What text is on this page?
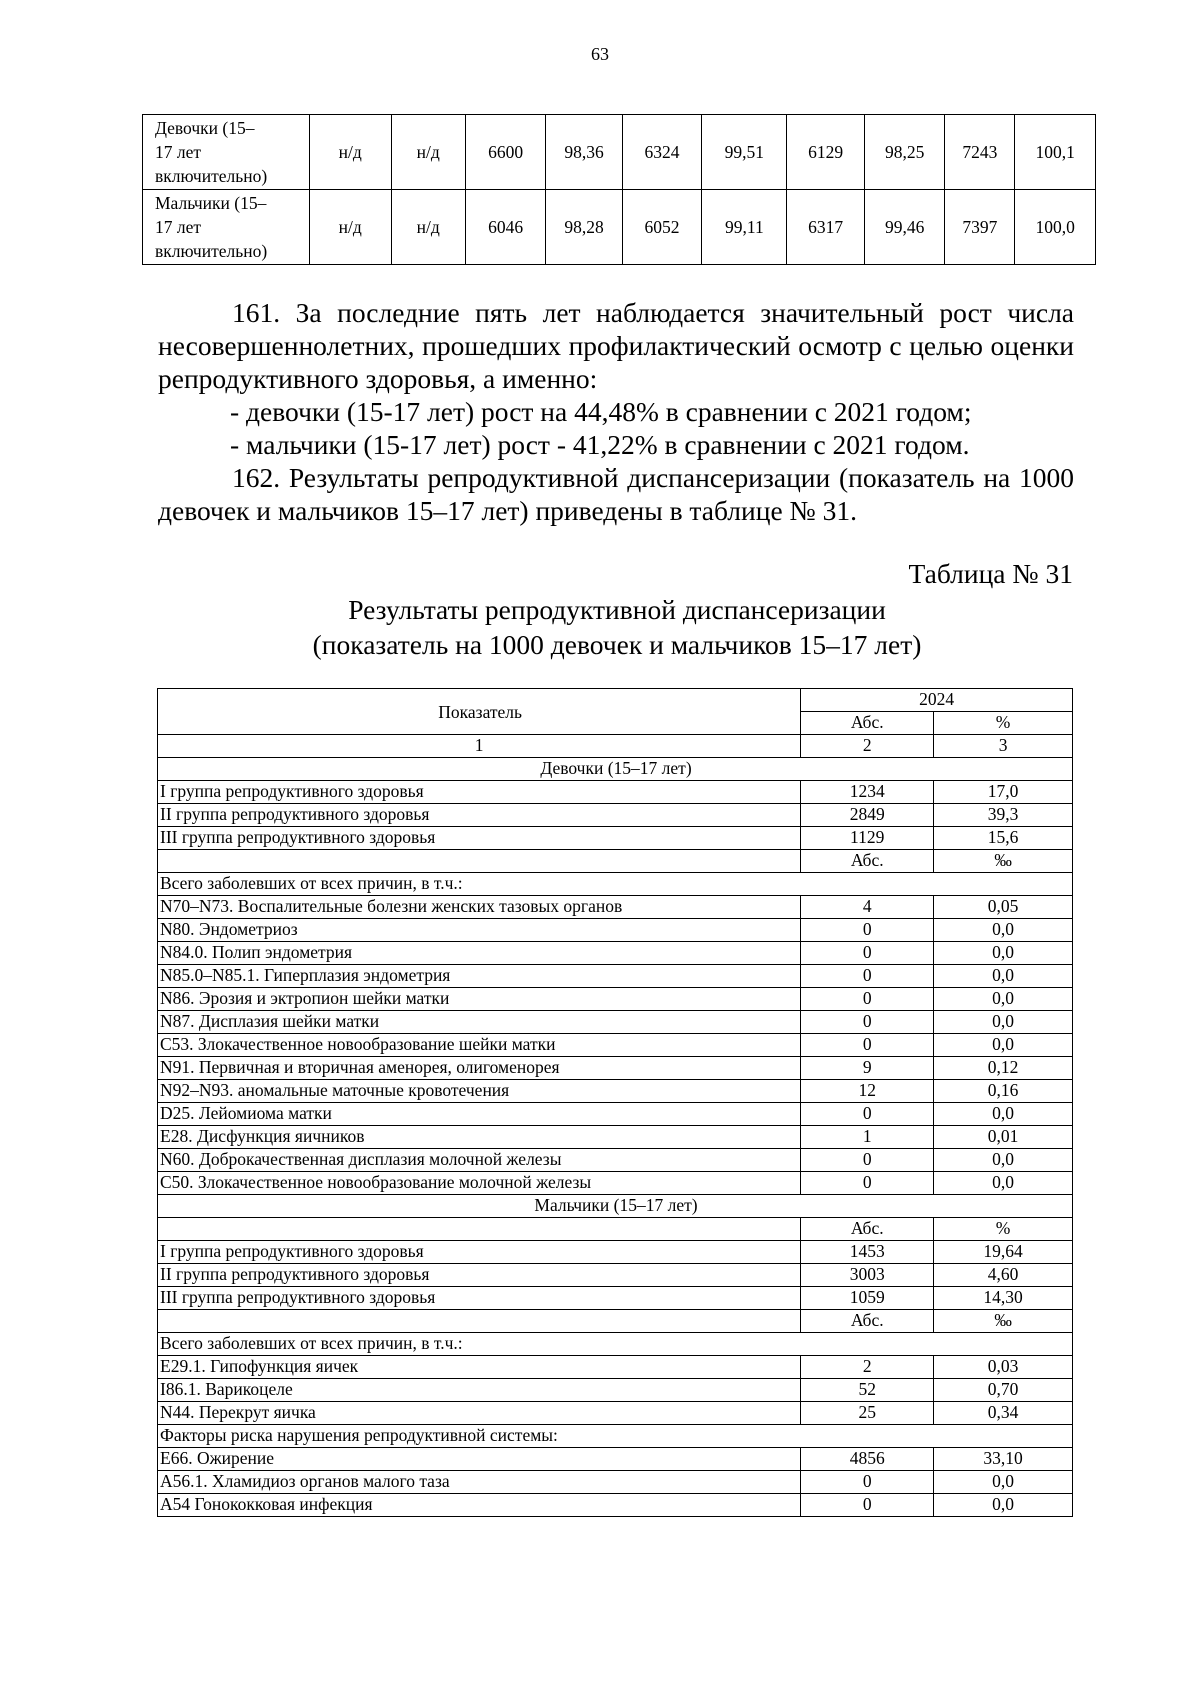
63
Девочки (15–
17 лет
включительно)	н/д	н/д	6600	98,36	6324	99,51	6129	98,25	7243	100,1

Мальчики (15–
17 лет
включительно)	н/д	н/д	6046	98,28	6052	99,11	6317	99,46	7397	100,0

161. За последние пять лет наблюдается значительный рост числа несовершеннолетних, прошедших профилактический осмотр с целью оценки репродуктивного здоровья, а именно:

- девочки (15-17 лет) рост на 44,48% в сравнении с 2021 годом;

- мальчики (15-17 лет) рост - 41,22% в сравнении с 2021 годом.

162. Результаты репродуктивной диспансеризации (показатель на 1000 девочек и мальчиков 15–17 лет) приведены в таблице № 31.

Таблица № 31
Результаты репродуктивной диспансеризации
(показатель на 1000 девочек и мальчиков 15–17 лет)
Показатель	2024	
	Абс.	%
1	2	3
Девочки (15–17 лет)		
I группа репродуктивного здоровья	1234	17,0
II группа репродуктивного здоровья	2849	39,3
III группа репродуктивного здоровья	1129	15,6
	Абс.	‰
Всего заболевших от всех причин, в т.ч.:		
N70–N73. Воспалительные болезни женских тазовых органов	4	0,05
N80. Эндометриоз	0	0,0
N84.0. Полип эндометрия	0	0,0
N85.0–N85.1. Гиперплазия эндометрия	0	0,0
N86. Эрозия и эктропион шейки матки	0	0,0
N87. Дисплазия шейки матки	0	0,0
C53. Злокачественное новообразование шейки матки	0	0,0
N91. Первичная и вторичная аменорея, олигоменорея	9	0,12
N92–N93. аномальные маточные кровотечения	12	0,16
D25. Лейомиома матки	0	0,0
E28. Дисфункция яичников	1	0,01
N60. Доброкачественная дисплазия молочной железы	0	0,0
C50. Злокачественное новообразование молочной железы	0	0,0
Мальчики (15–17 лет)		
	Абс.	%
I группа репродуктивного здоровья	1453	19,64
II группа репродуктивного здоровья	3003	4,60
III группа репродуктивного здоровья	1059	14,30
	Абс.	‰
Всего заболевших от всех причин, в т.ч.:		
E29.1. Гипофункция яичек	2	0,03
I86.1. Варикоцеле	52	0,70
N44. Перекрут яичка	25	0,34
Факторы риска нарушения репродуктивной системы:		
E66. Ожирение	4856	33,10
A56.1. Хламидиоз органов малого таза	0	0,0
A54 Гонококковая инфекция	0	0,0
